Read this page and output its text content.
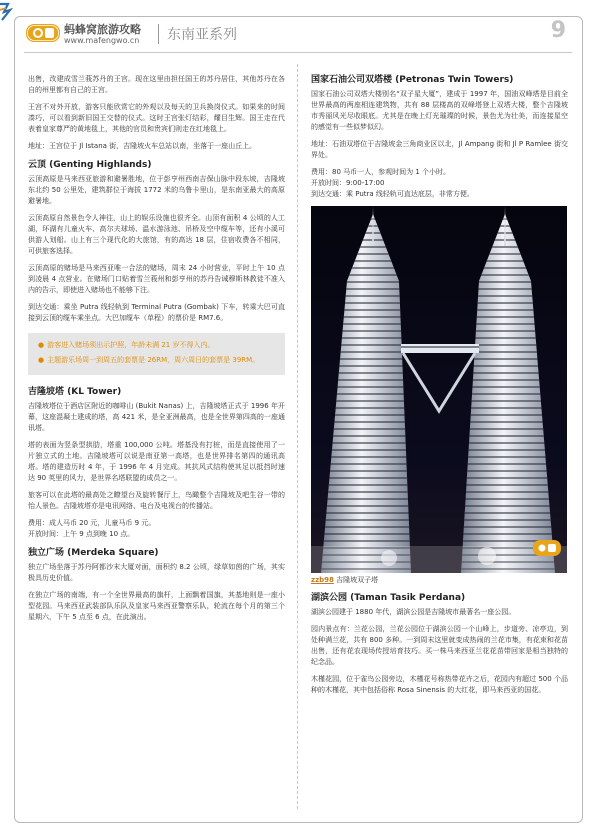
蚂蜂窝旅游攻略
www.mafengwo.cn 东南亚系列	9

出售，改建成雪兰莪苏丹的王宫。现在这里由担任国王的苏丹居住，其他苏丹在各自的州里都有自己的王宫。

王宫不对外开放，游客只能欣赏它的外观以及每天的卫兵换岗仪式。如果来的时间凑巧，可以看到新旧国王交替的仪式。这时王宫张灯结彩，耀目生辉。国王走在代表着皇家尊严的黄地毯上，其他的官员和贵宾们则走在红地毯上。

地址：王宫位于 Jl Istana 街，吉隆坡火车总站以南，坐落于一座山丘上。

云顶 (Genting Highlands)

云顶高原是马来西亚旅游和避暑胜地，位于彭亨州西南吉保山脉中段东坡，吉隆坡东北约 50 公里处，建筑群位于海拔 1772 米的乌鲁卡里山，是东南亚最大的高原避暑地。

云顶高原自然景色令人神往，山上的娱乐设施也很齐全。山顶有面积 4 公顷的人工湖，环湖有儿童火车、高尔夫球场、温水游泳池、吊桥及空中缆车等，还有小溪可供游人划船。山上有三个现代化的大旅馆，有的高达 18 层，住宿收费各不相同，可供旅客选择。

云顶高原的赌场是马来西亚唯一合法的赌场，周末 24 小时营业，平时上午 10 点到凌晨 4 点营业。在赌场门口贴着雪兰莪州和彭亨州的苏丹告诫穆斯林教徒不准入内的告示，即使进入赌场也不能够下注。

到达交通：乘坐 Putra 线轻轨到 Terminal Putra (Gombak) 下车，转乘大巴可直接到云顶的缆车乘坐点。大巴加缆车（单程）的票价是 RM7.6。

● 游客进入赌场须出示护照，年龄未满 21 岁不得入内。
● 主题游乐场周一到周五的套票是 26RM，周六周日的套票是 39RM。
吉隆坡塔 (KL Tower)

吉隆坡塔位于酒店区附近的咖啡山 (Bukit Nanas) 上，吉隆坡塔正式于 1996 年开幕，这座混凝土建成的塔，高 421 米，是全亚洲最高，也是全世界第四高的一座通讯塔。

塔的表面为竖条型拱肋，塔重 100,000 公吨。塔基没有打桩，而是直接使用了一片独立式的土地。吉隆坡塔可以说是南亚第一高塔，也是世界排名第四的通讯高塔。塔的建造历时 4 年，于 1996 年 4 月完成。其抗风式结构使其足以抵挡时速达 90 英里的风力，是世界名塔联盟的成员之一。

旅客可以在此塔的最高处之瞭望台及旋转餐厅上，鸟瞰整个吉隆坡及吧生谷一带的怡人景色。吉隆坡塔亦是电讯网络、电台及电视台的传播站。

费用：成人马币 20 元，儿童马币 9 元。

开放时间：上午 9 点到晚 10 点。

独立广场 (Merdeka Square)

独立广场坐落于苏丹阿都沙末大厦对面，面积约 8.2 公顷，绿草如茵的广场，其实极具历史价值。

在独立广场的南端，有一个全世界最高的旗杆，上面飘着国旗，其基地则是一座小型花园。马来西亚武装部队乐队及皇家马来西亚警察乐队，轮流在每个月的第三个星期六，下午 5 点至 6 点，在此演出。

国家石油公司双塔楼 (Petronas Twin Towers)

国家石油公司双塔大楼别名“双子星大厦”，建成于 1997 年，国油双峰塔是目前全世界最高的两座相连建筑物，共有 88 层楼高的双峰塔登上双塔大楼，整个吉隆坡市秀丽风光尽收眼底。尤其是在晚上灯光璀璨的时候，景色尤为壮美，而连接星空的感觉有一些似梦似幻。

地址：石油双塔位于吉隆坡金三角商业区以北，Jl Ampang 街和 Jl P Ramlee 街交界处。

费用：80 马币一人，参观时间为 1 个小时。

开放时间：9:00-17:00

到达交通：乘 Putra 线轻轨可直达底层，非常方便。

zzb98 吉隆坡双子塔
湖滨公园 (Taman Tasik Perdana)

湖滨公园建于 1880 年代，湖滨公园是吉隆坡市最著名一座公园。

园内景点有：兰花公园，兰花公园位于湖滨公园一个山峰上，步道旁、凉亭边，到处种满兰花，共有 800 多种。一到周末这里就变成热闹的兰花市集，有花束和花苗出售，还有花农现场传授培育技巧。买一株马来西亚兰花花苗带回家是相当独特的纪念品。

木槿花园，位于雀鸟公园旁边，木槿花号称热带花卉之后，花园内有超过 500 个品种的木槿花，其中包括俗称 Rosa Sinensis 的大红花，即马来西亚的国花。
